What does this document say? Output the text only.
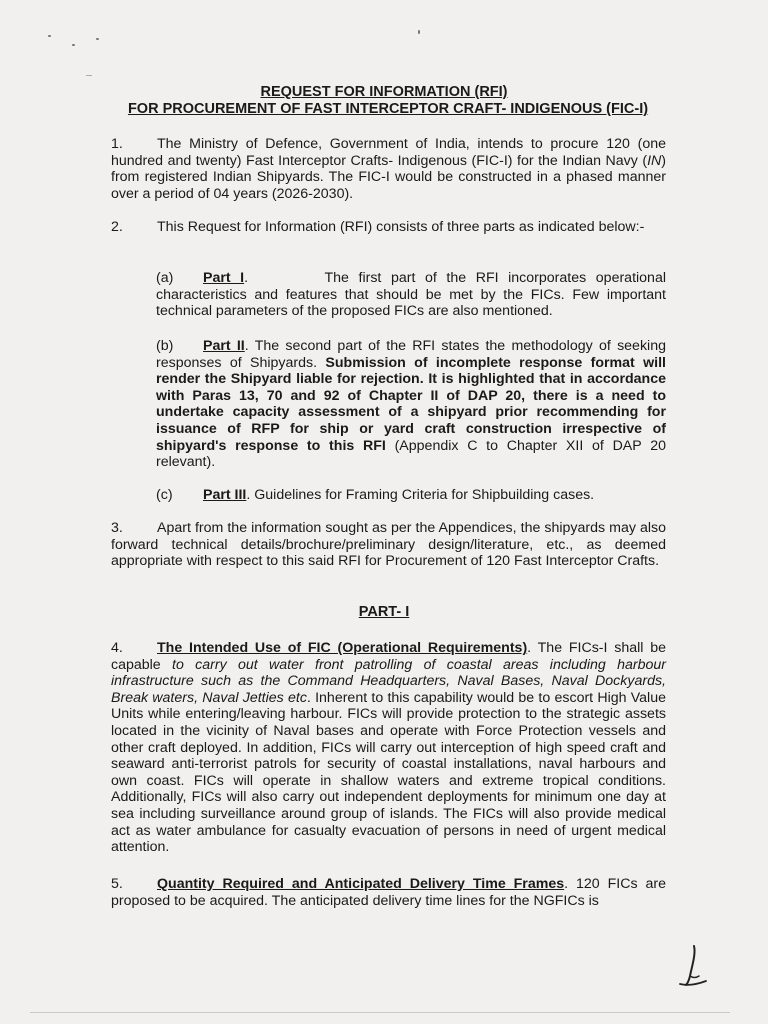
REQUEST FOR INFORMATION (RFI)
FOR PROCUREMENT OF FAST INTERCEPTOR CRAFT- INDIGENOUS (FIC-I)
1. The Ministry of Defence, Government of India, intends to procure 120 (one hundred and twenty) Fast Interceptor Crafts- Indigenous (FIC-I) for the Indian Navy (IN) from registered Indian Shipyards. The FIC-I would be constructed in a phased manner over a period of 04 years (2026-2030).
2. This Request for Information (RFI) consists of three parts as indicated below:-
(a) Part I.        The first part of the RFI incorporates operational characteristics and features that should be met by the FICs. Few important technical parameters of the proposed FICs are also mentioned.
(b) Part II. The second part of the RFI states the methodology of seeking responses of Shipyards. Submission of incomplete response format will render the Shipyard liable for rejection. It is highlighted that in accordance with Paras 13, 70 and 92 of Chapter II of DAP 20, there is a need to undertake capacity assessment of a shipyard prior recommending for issuance of RFP for ship or yard craft construction irrespective of shipyard's response to this RFI (Appendix C to Chapter XII of DAP 20 relevant).
(c) Part III. Guidelines for Framing Criteria for Shipbuilding cases.
3. Apart from the information sought as per the Appendices, the shipyards may also forward technical details/brochure/preliminary design/literature, etc., as deemed appropriate with respect to this said RFI for Procurement of 120 Fast Interceptor Crafts.
PART- I
4. The Intended Use of FIC (Operational Requirements). The FICs-I shall be capable to carry out water front patrolling of coastal areas including harbour infrastructure such as the Command Headquarters, Naval Bases, Naval Dockyards, Break waters, Naval Jetties etc. Inherent to this capability would be to escort High Value Units while entering/leaving harbour. FICs will provide protection to the strategic assets located in the vicinity of Naval bases and operate with Force Protection vessels and other craft deployed. In addition, FICs will carry out interception of high speed craft and seaward anti-terrorist patrols for security of coastal installations, naval harbours and own coast. FICs will operate in shallow waters and extreme tropical conditions. Additionally, FICs will also carry out independent deployments for minimum one day at sea including surveillance around group of islands. The FICs will also provide medical act as water ambulance for casualty evacuation of persons in need of urgent medical attention.
5. Quantity Required and Anticipated Delivery Time Frames. 120 FICs are proposed to be acquired. The anticipated delivery time lines for the NGFICs is
